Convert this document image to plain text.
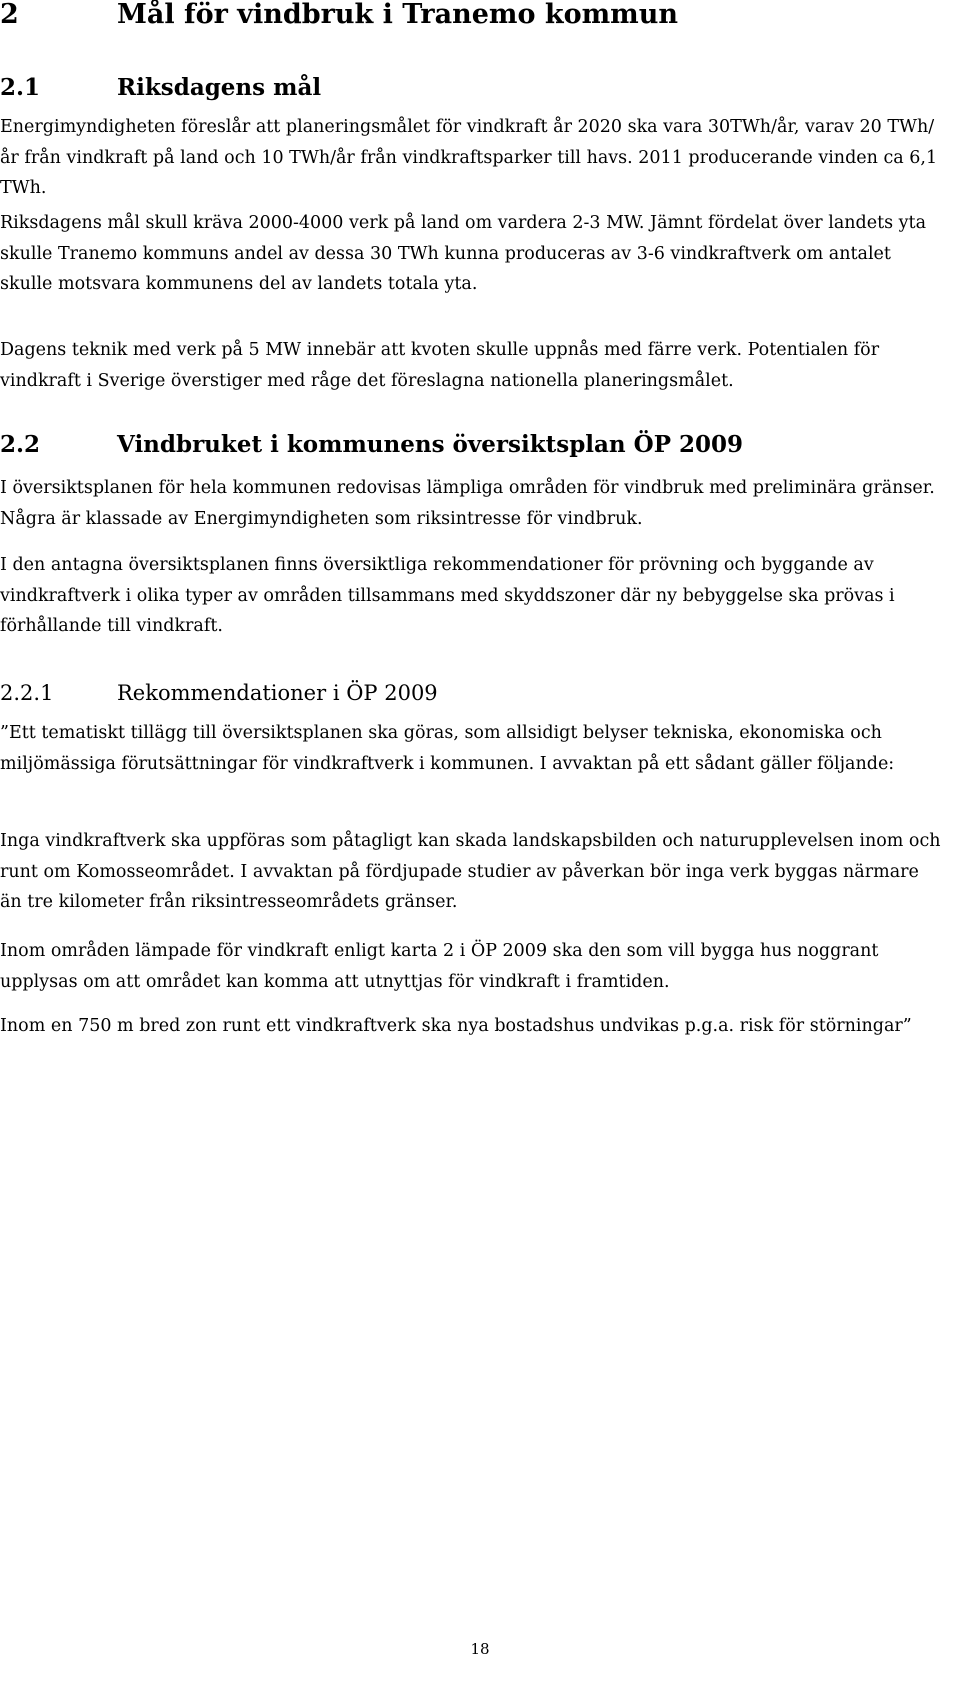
2	Mål för vindbruk i Tranemo kommun
2.1	Riksdagens mål

Energimyndigheten föreslår att planeringsmålet för vindkraft år 2020 ska vara 30TWh/år, varav 20 TWh/år från vindkraft på land och 10 TWh/år från vindkraftsparker till havs. 2011 producerande vinden ca 6,1 TWh.

Riksdagens mål skull kräva 2000-4000 verk på land om vardera 2-3 MW. Jämnt fördelat över landets yta skulle Tranemo kommuns andel av dessa 30 TWh kunna produceras av 3-6 vindkraftverk om antalet skulle motsvara kommunens del av landets totala yta.

Dagens teknik med verk på 5 MW innebär att kvoten skulle uppnås med färre verk. Potentialen för vindkraft i Sverige överstiger med råge det föreslagna nationella planeringsmålet.

2.2	Vindbruket i kommunens översiktsplan ÖP 2009

I översiktsplanen för hela kommunen redovisas lämpliga områden för vindbruk med preliminära gränser. Några är klassade av Energimyndigheten som riksintresse för vindbruk.

I den antagna översiktsplanen finns översiktliga rekommendationer för prövning och byggande av vindkraftverk i olika typer av områden tillsammans med skyddszoner där ny bebyggelse ska prövas i förhållande till vindkraft.

2.2.1	Rekommendationer i ÖP 2009

”Ett tematiskt tillägg till översiktsplanen ska göras, som allsidigt belyser tekniska, ekonomiska och miljömässiga förutsättningar för vindkraftverk i kommunen. I avvaktan på ett sådant gäller följande:

Inga vindkraftverk ska uppföras som påtagligt kan skada landskapsbilden och naturupplevelsen inom och runt om Komosseområdet. I avvaktan på fördjupade studier av påverkan bör inga verk byggas närmare än tre kilometer från riksintresseområdets gränser.

Inom områden lämpade för vindkraft enligt karta 2 i ÖP 2009 ska den som vill bygga hus noggrant upplysas om att området kan komma att utnyttjas för vindkraft i framtiden.

Inom en 750 m bred zon runt ett vindkraftverk ska nya bostadshus undvikas p.g.a. risk för störningar”

18
